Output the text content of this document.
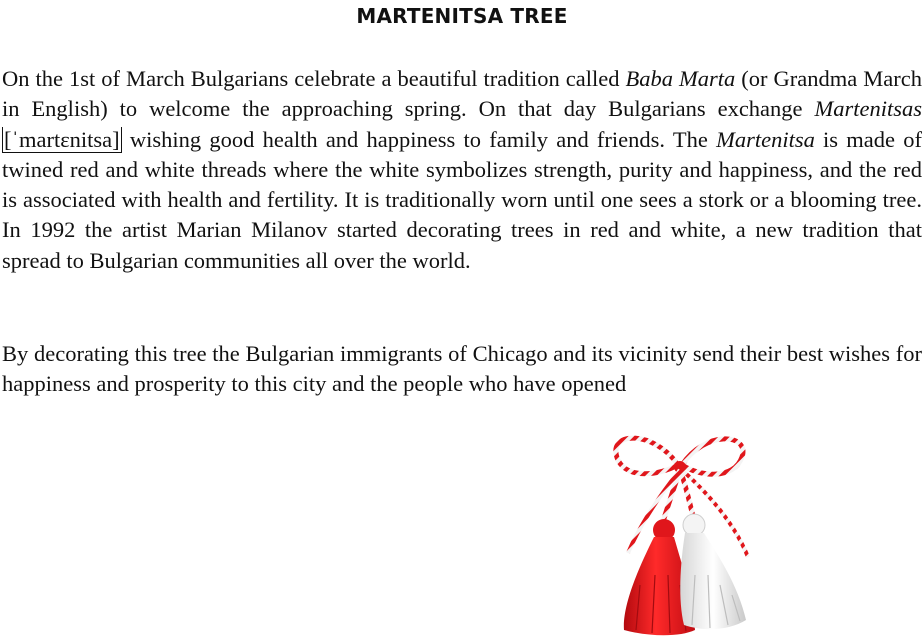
MARTENITSA TREE
On the 1st of March Bulgarians celebrate a beautiful tradition called Baba Marta (or Grandma March in English) to welcome the approaching spring. On that day Bulgarians exchange Martenitsas [ˈmartɛnitsa] wishing good health and happiness to family and friends. The Martenitsa is made of twined red and white threads where the white symbolizes strength, purity and happiness, and the red is associated with health and fertility. It is traditionally worn until one sees a stork or a blooming tree. In 1992 the artist Marian Milanov started decorating trees in red and white, a new tradition that spread to Bulgarian communities all over the world.
By decorating this tree the Bulgarian immigrants of Chicago and its vicinity send their best wishes for happiness and prosperity to this city and the people who have opened
